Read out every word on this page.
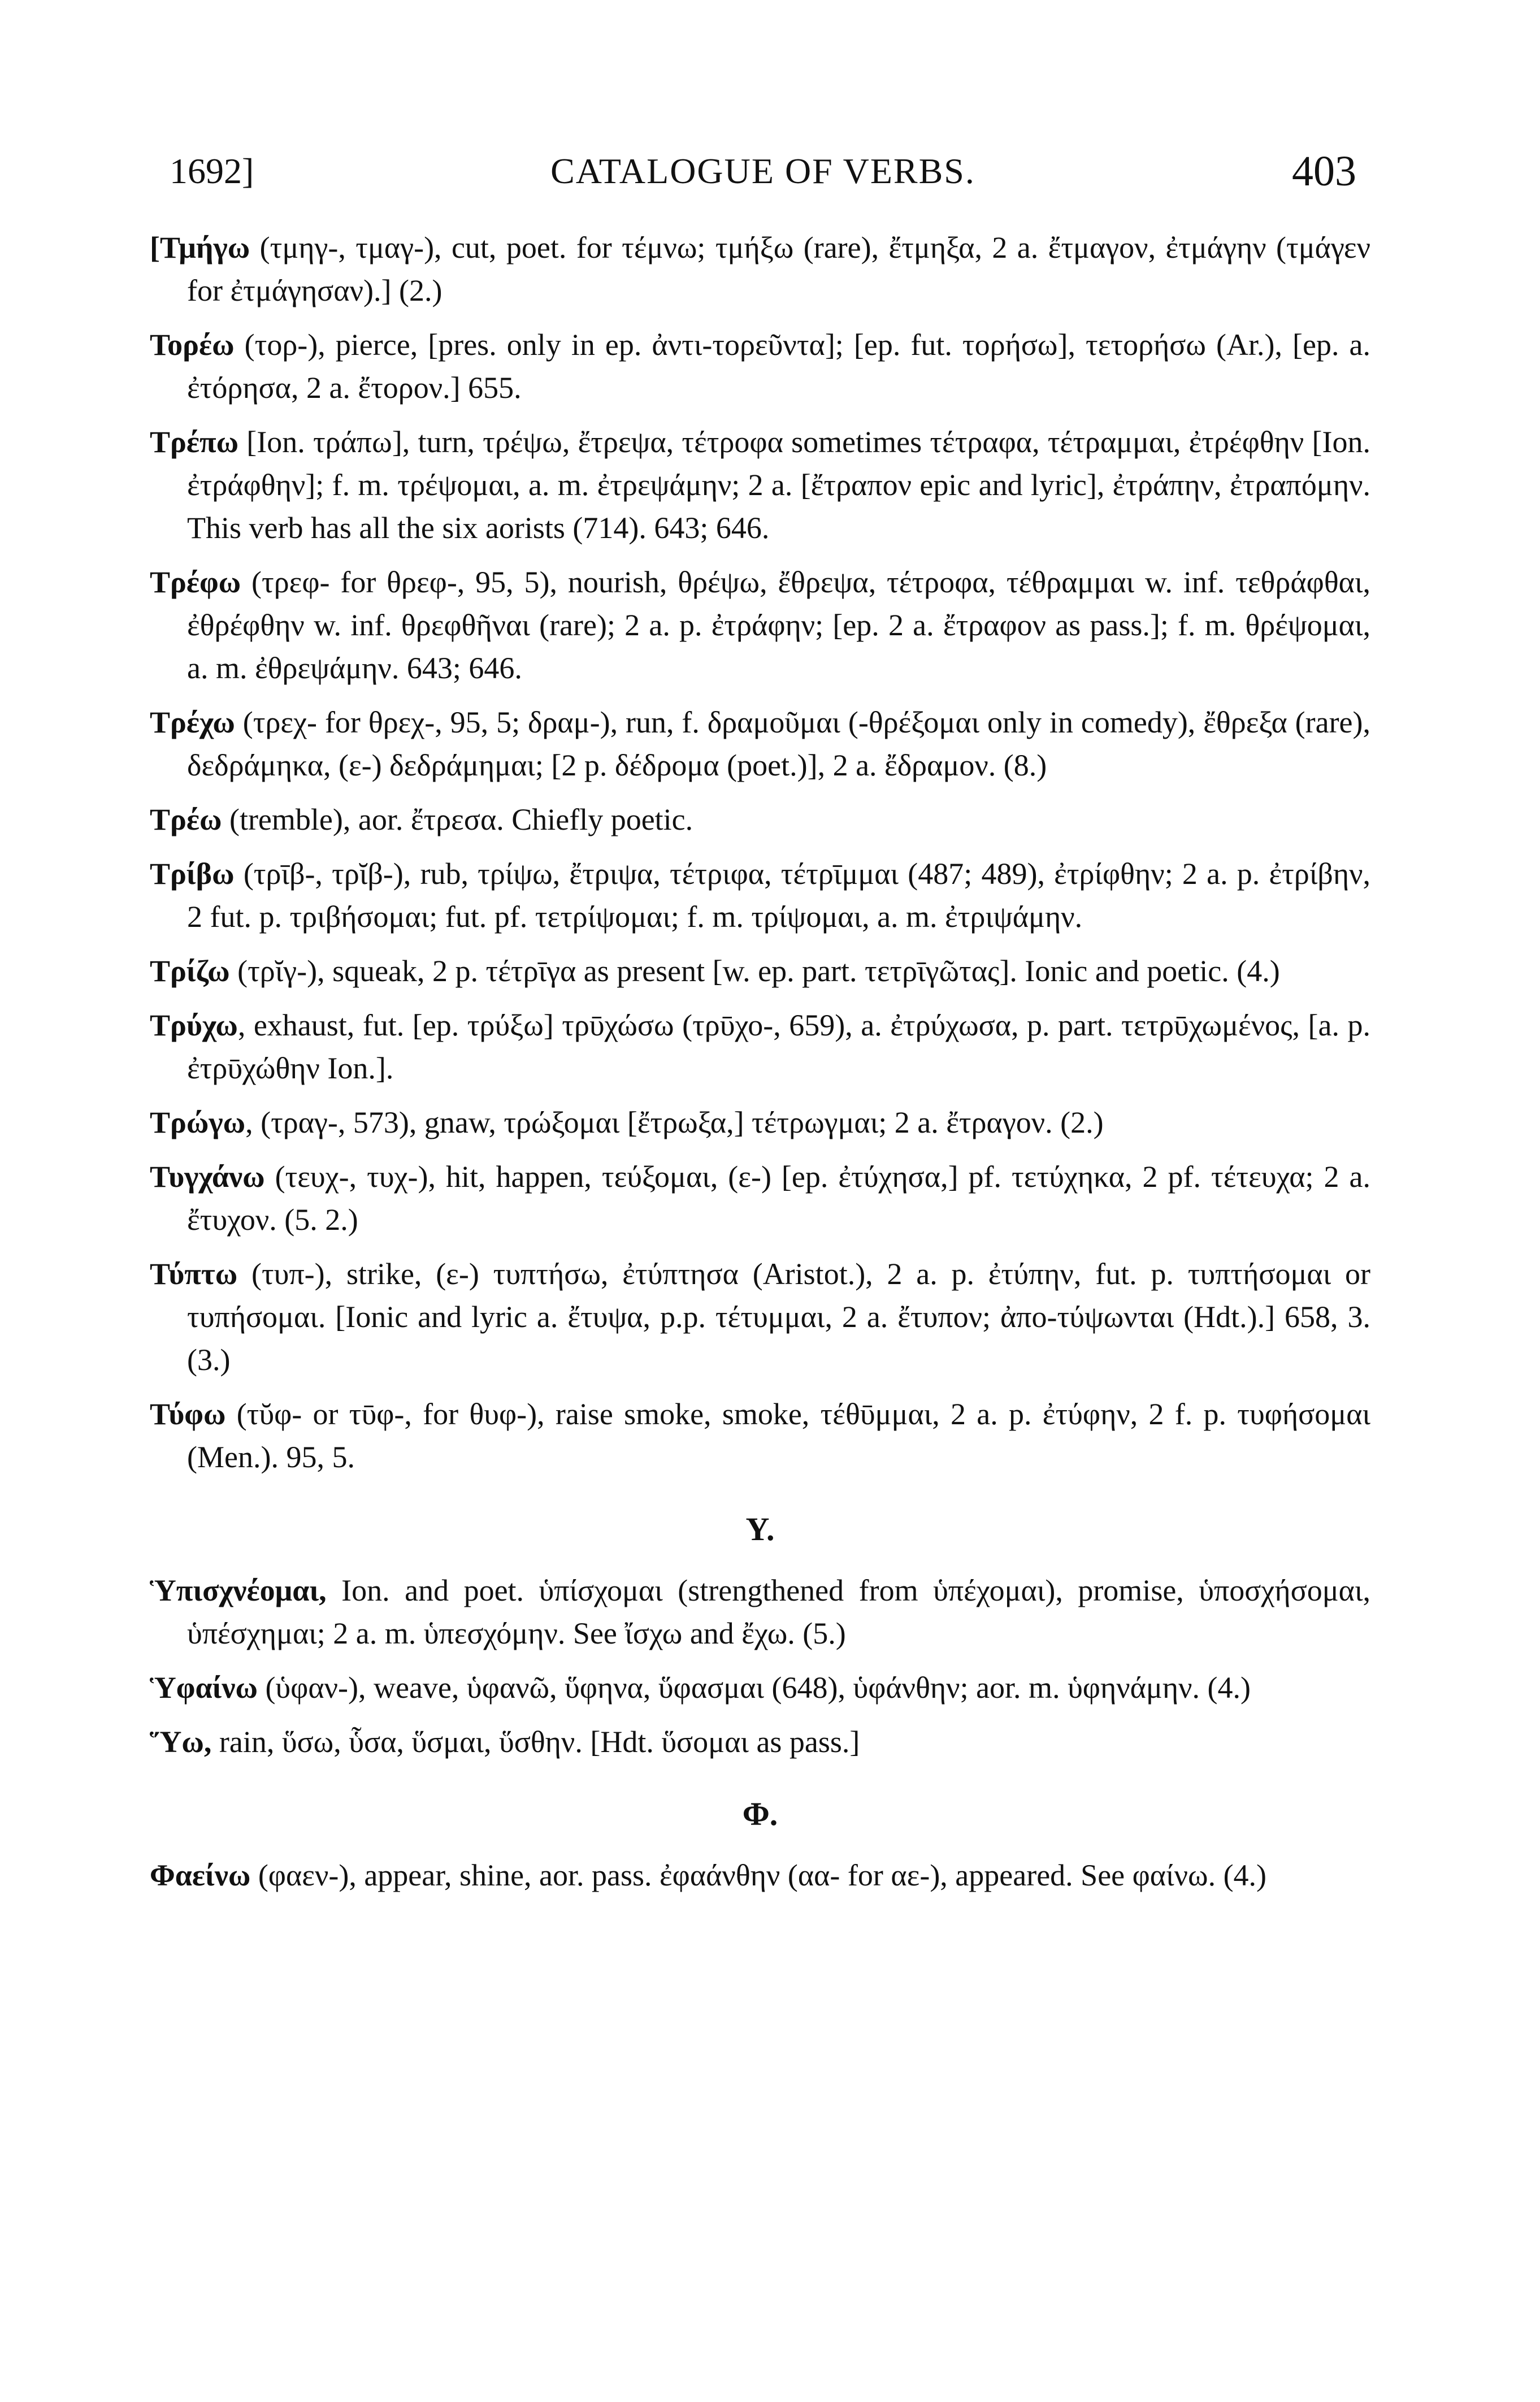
1692]	CATALOGUE OF VERBS.	403

[Τμήγω (τμηγ-, τμαγ-), cut, poet. for τέμνω; τμήξω (rare), ἔτμηξα, 2 a. ἔτμαγον, ἐτμάγην (τμάγεν for ἐτμάγησαν).] (2.)

Τορέω (τορ-), pierce, [pres. only in ep. ἀντι-τορεῦντα]; [ep. fut. τορήσω], τετορήσω (Ar.), [ep. a. ἐτόρησα, 2 a. ἔτορον.] 655.

Τρέπω [Ion. τράπω], turn, τρέψω, ἔτρεψα, τέτροφα sometimes τέτραφα, τέτραμμαι, ἐτρέφθην [Ion. ἐτράφθην]; f. m. τρέψομαι, a. m. ἐτρεψάμην; 2 a. [ἔτραπον epic and lyric], ἐτράπην, ἐτραπόμην. This verb has all the six aorists (714). 643; 646.

Τρέφω (τρεφ- for θρεφ-, 95, 5), nourish, θρέψω, ἔθρεψα, τέτροφα, τέθραμμαι w. inf. τεθράφθαι, ἐθρέφθην w. inf. θρεφθῆναι (rare); 2 a. p. ἐτράφην; [ep. 2 a. ἔτραφον as pass.]; f. m. θρέψομαι, a. m. ἐθρεψάμην. 643; 646.

Τρέχω (τρεχ- for θρεχ-, 95, 5; δραμ-), run, f. δραμοῦμαι (-θρέξομαι only in comedy), ἔθρεξα (rare), δεδράμηκα, (ε-) δεδράμημαι; [2 p. δέδρομα (poet.)], 2 a. ἔδραμον. (8.)

Τρέω (tremble), aor. ἔτρεσα. Chiefly poetic.

Τρίβω (τρῑβ-, τρῐβ-), rub, τρίψω, ἔτριψα, τέτριφα, τέτρῑμμαι (487; 489), ἐτρίφθην; 2 a. p. ἐτρίβην, 2 fut. p. τριβήσομαι; fut. pf. τετρίψομαι; f. m. τρίψομαι, a. m. ἐτριψάμην.

Τρίζω (τρῐγ-), squeak, 2 p. τέτρῑγα as present [w. ep. part. τετρῑγῶτας]. Ionic and poetic. (4.)

Τρύχω, exhaust, fut. [ep. τρύξω] τρῡχώσω (τρῡχο-, 659), a. ἐτρύχωσα, p. part. τετρῡχωμένος, [a. p. ἐτρῡχώθην Ion.].

Τρώγω, (τραγ-, 573), gnaw, τρώξομαι [ἔτρωξα,] τέτρωγμαι; 2 a. ἔτραγον. (2.)

Τυγχάνω (τευχ-, τυχ-), hit, happen, τεύξομαι, (ε-) [ep. ἐτύχησα,] pf. τετύχηκα, 2 pf. τέτευχα; 2 a. ἔτυχον. (5. 2.)

Τύπτω (τυπ-), strike, (ε-) τυπτήσω, ἐτύπτησα (Aristot.), 2 a. p. ἐτύπην, fut. p. τυπτήσομαι or τυπήσομαι. [Ionic and lyric a. ἔτυψα, p.p. τέτυμμαι, 2 a. ἔτυπον; ἀπο-τύψωνται (Hdt.).] 658, 3. (3.)

Τύφω (τῠφ- or τῡφ-, for θυφ-), raise smoke, smoke, τέθῡμμαι, 2 a. p. ἐτύφην, 2 f. p. τυφήσομαι (Men.). 95, 5.

Υ.

Ὑπισχνέομαι, Ion. and poet. ὑπίσχομαι (strengthened from ὑπέχομαι), promise, ὑποσχήσομαι, ὑπέσχημαι; 2 a. m. ὑπεσχόμην. See ἴσχω and ἔχω. (5.)

Ὑφαίνω (ὑφαν-), weave, ὑφανῶ, ὕφηνα, ὕφασμαι (648), ὑφάνθην; aor. m. ὑφηνάμην. (4.)

Ὕω, rain, ὕσω, ὗσα, ὕσμαι, ὕσθην. [Hdt. ὕσομαι as pass.]

Φ.

Φαείνω (φαεν-), appear, shine, aor. pass. ἐφαάνθην (αα- for αε-), appeared. See φαίνω. (4.)
